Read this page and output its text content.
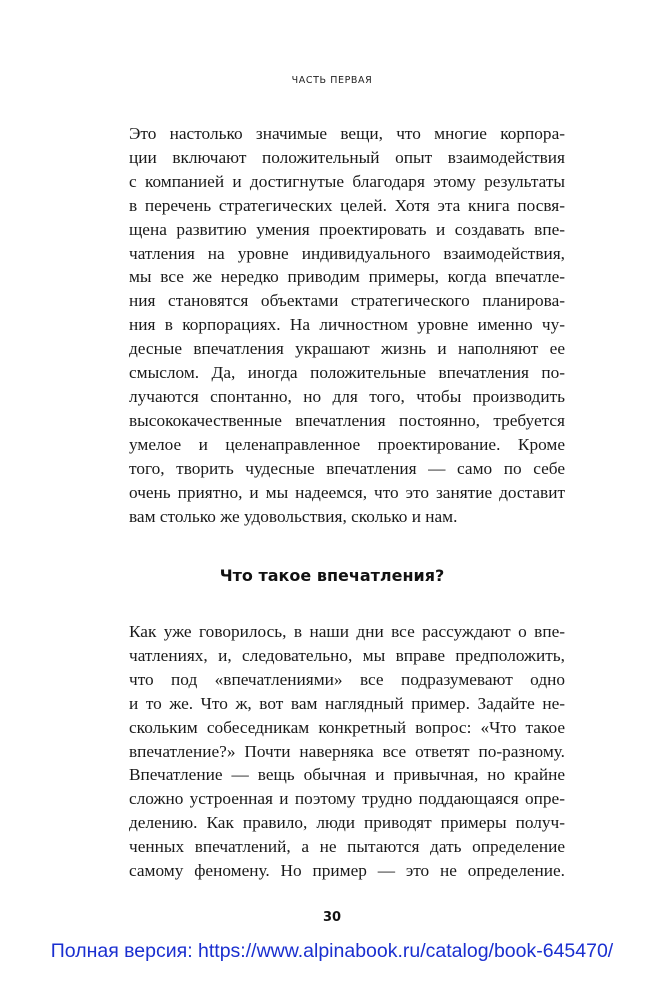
ЧАСТЬ ПЕРВАЯ
Это настолько значимые вещи, что многие корпора-
ции включают положительный опыт взаимодействия
с компанией и достигнутые благодаря этому результаты
в перечень стратегических целей. Хотя эта книга посвя-
щена развитию умения проектировать и создавать впе-
чатления на уровне индивидуального взаимодействия,
мы все же нередко приводим примеры, когда впечатле-
ния становятся объектами стратегического планирова-
ния в корпорациях. На личностном уровне именно чу-
десные впечатления украшают жизнь и наполняют ее
смыслом. Да, иногда положительные впечатления по-
лучаются спонтанно, но для того, чтобы производить
высококачественные впечатления постоянно, требуется
умелое и целенаправленное проектирование. Кроме
того, творить чудесные впечатления — само по себе
очень приятно, и мы надеемся, что это занятие доставит
вам столько же удовольствия, сколько и нам.
Что такое впечатления?
Как уже говорилось, в наши дни все рассуждают о впе-
чатлениях, и, следовательно, мы вправе предположить,
что под «впечатлениями» все подразумевают одно
и то же. Что ж, вот вам наглядный пример. Задайте не-
скольким собеседникам конкретный вопрос: «Что такое
впечатление?» Почти наверняка все ответят по-разному.
Впечатление — вещь обычная и привычная, но крайне
сложно устроенная и поэтому трудно поддающаяся опре-
делению. Как правило, люди приводят примеры получ-
ченных впечатлений, а не пытаются дать определение
самому феномену. Но пример — это не определение.
30
Полная версия: https://www.alpinabook.ru/catalog/book-645470/
